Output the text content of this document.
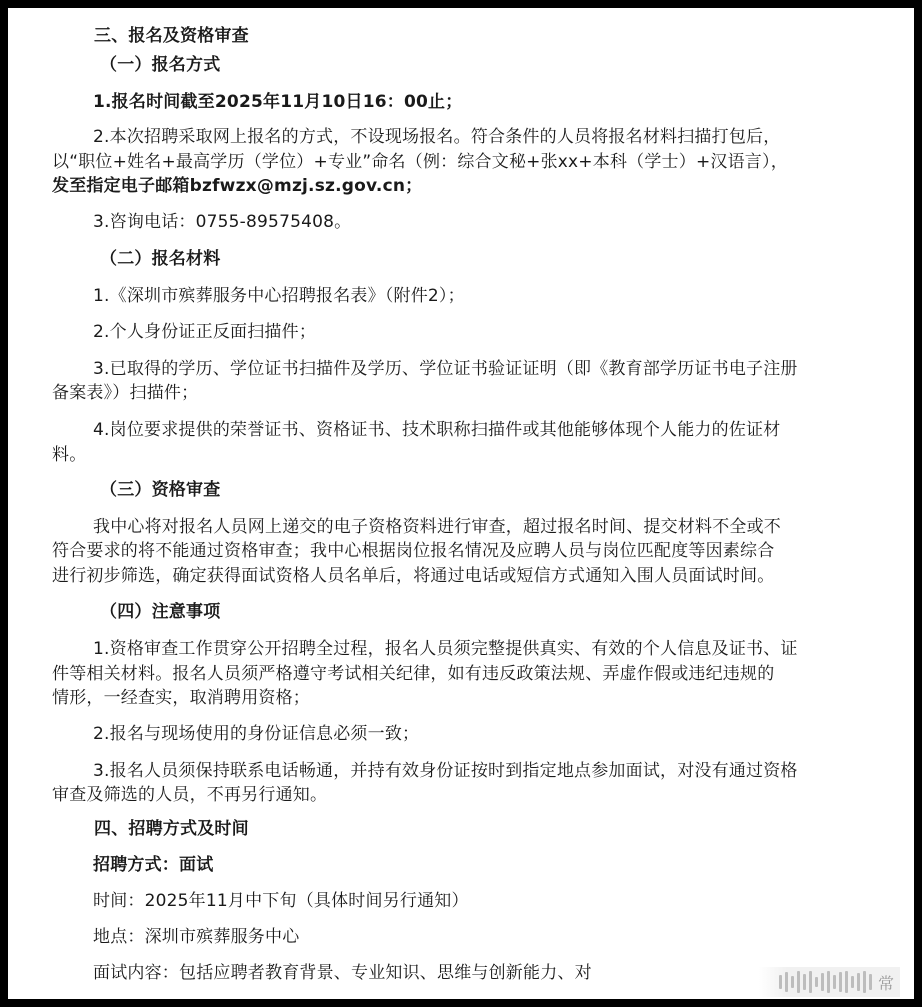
三、报名及资格审查
（一）报名方式
1.报名时间截至2025年11月10日16：00止；
2.本次招聘采取网上报名的方式，不设现场报名。符合条件的人员将报名材料扫描打包后，
以“职位+姓名+最高学历（学位）+专业”命名（例：综合文秘+张xx+本科（学士）+汉语言），
发至指定电子邮箱bzfwzx@mzj.sz.gov.cn；
3.咨询电话：0755-89575408。
（二）报名材料
1.《深圳市殡葬服务中心招聘报名表》（附件2）；
2.个人身份证正反面扫描件；
3.已取得的学历、学位证书扫描件及学历、学位证书验证证明（即《教育部学历证书电子注册
备案表》）扫描件；
4.岗位要求提供的荣誉证书、资格证书、技术职称扫描件或其他能够体现个人能力的佐证材
料。
（三）资格审查
我中心将对报名人员网上递交的电子资格资料进行审查，超过报名时间、提交材料不全或不
符合要求的将不能通过资格审查；我中心根据岗位报名情况及应聘人员与岗位匹配度等因素综合
进行初步筛选，确定获得面试资格人员名单后，将通过电话或短信方式通知入围人员面试时间。
（四）注意事项
1.资格审查工作贯穿公开招聘全过程，报名人员须完整提供真实、有效的个人信息及证书、证
件等相关材料。报名人员须严格遵守考试相关纪律，如有违反政策法规、弄虚作假或违纪违规的
情形，一经查实，取消聘用资格；
2.报名与现场使用的身份证信息必须一致；
3.报名人员须保持联系电话畅通，并持有效身份证按时到指定地点参加面试，对没有通过资格
审查及筛选的人员，不再另行通知。
四、招聘方式及时间
招聘方式：面试
时间：2025年11月中下旬（具体时间另行通知）
地点：深圳市殡葬服务中心
面试内容：包括应聘者教育背景、专业知识、思维与创新能力、对	常
